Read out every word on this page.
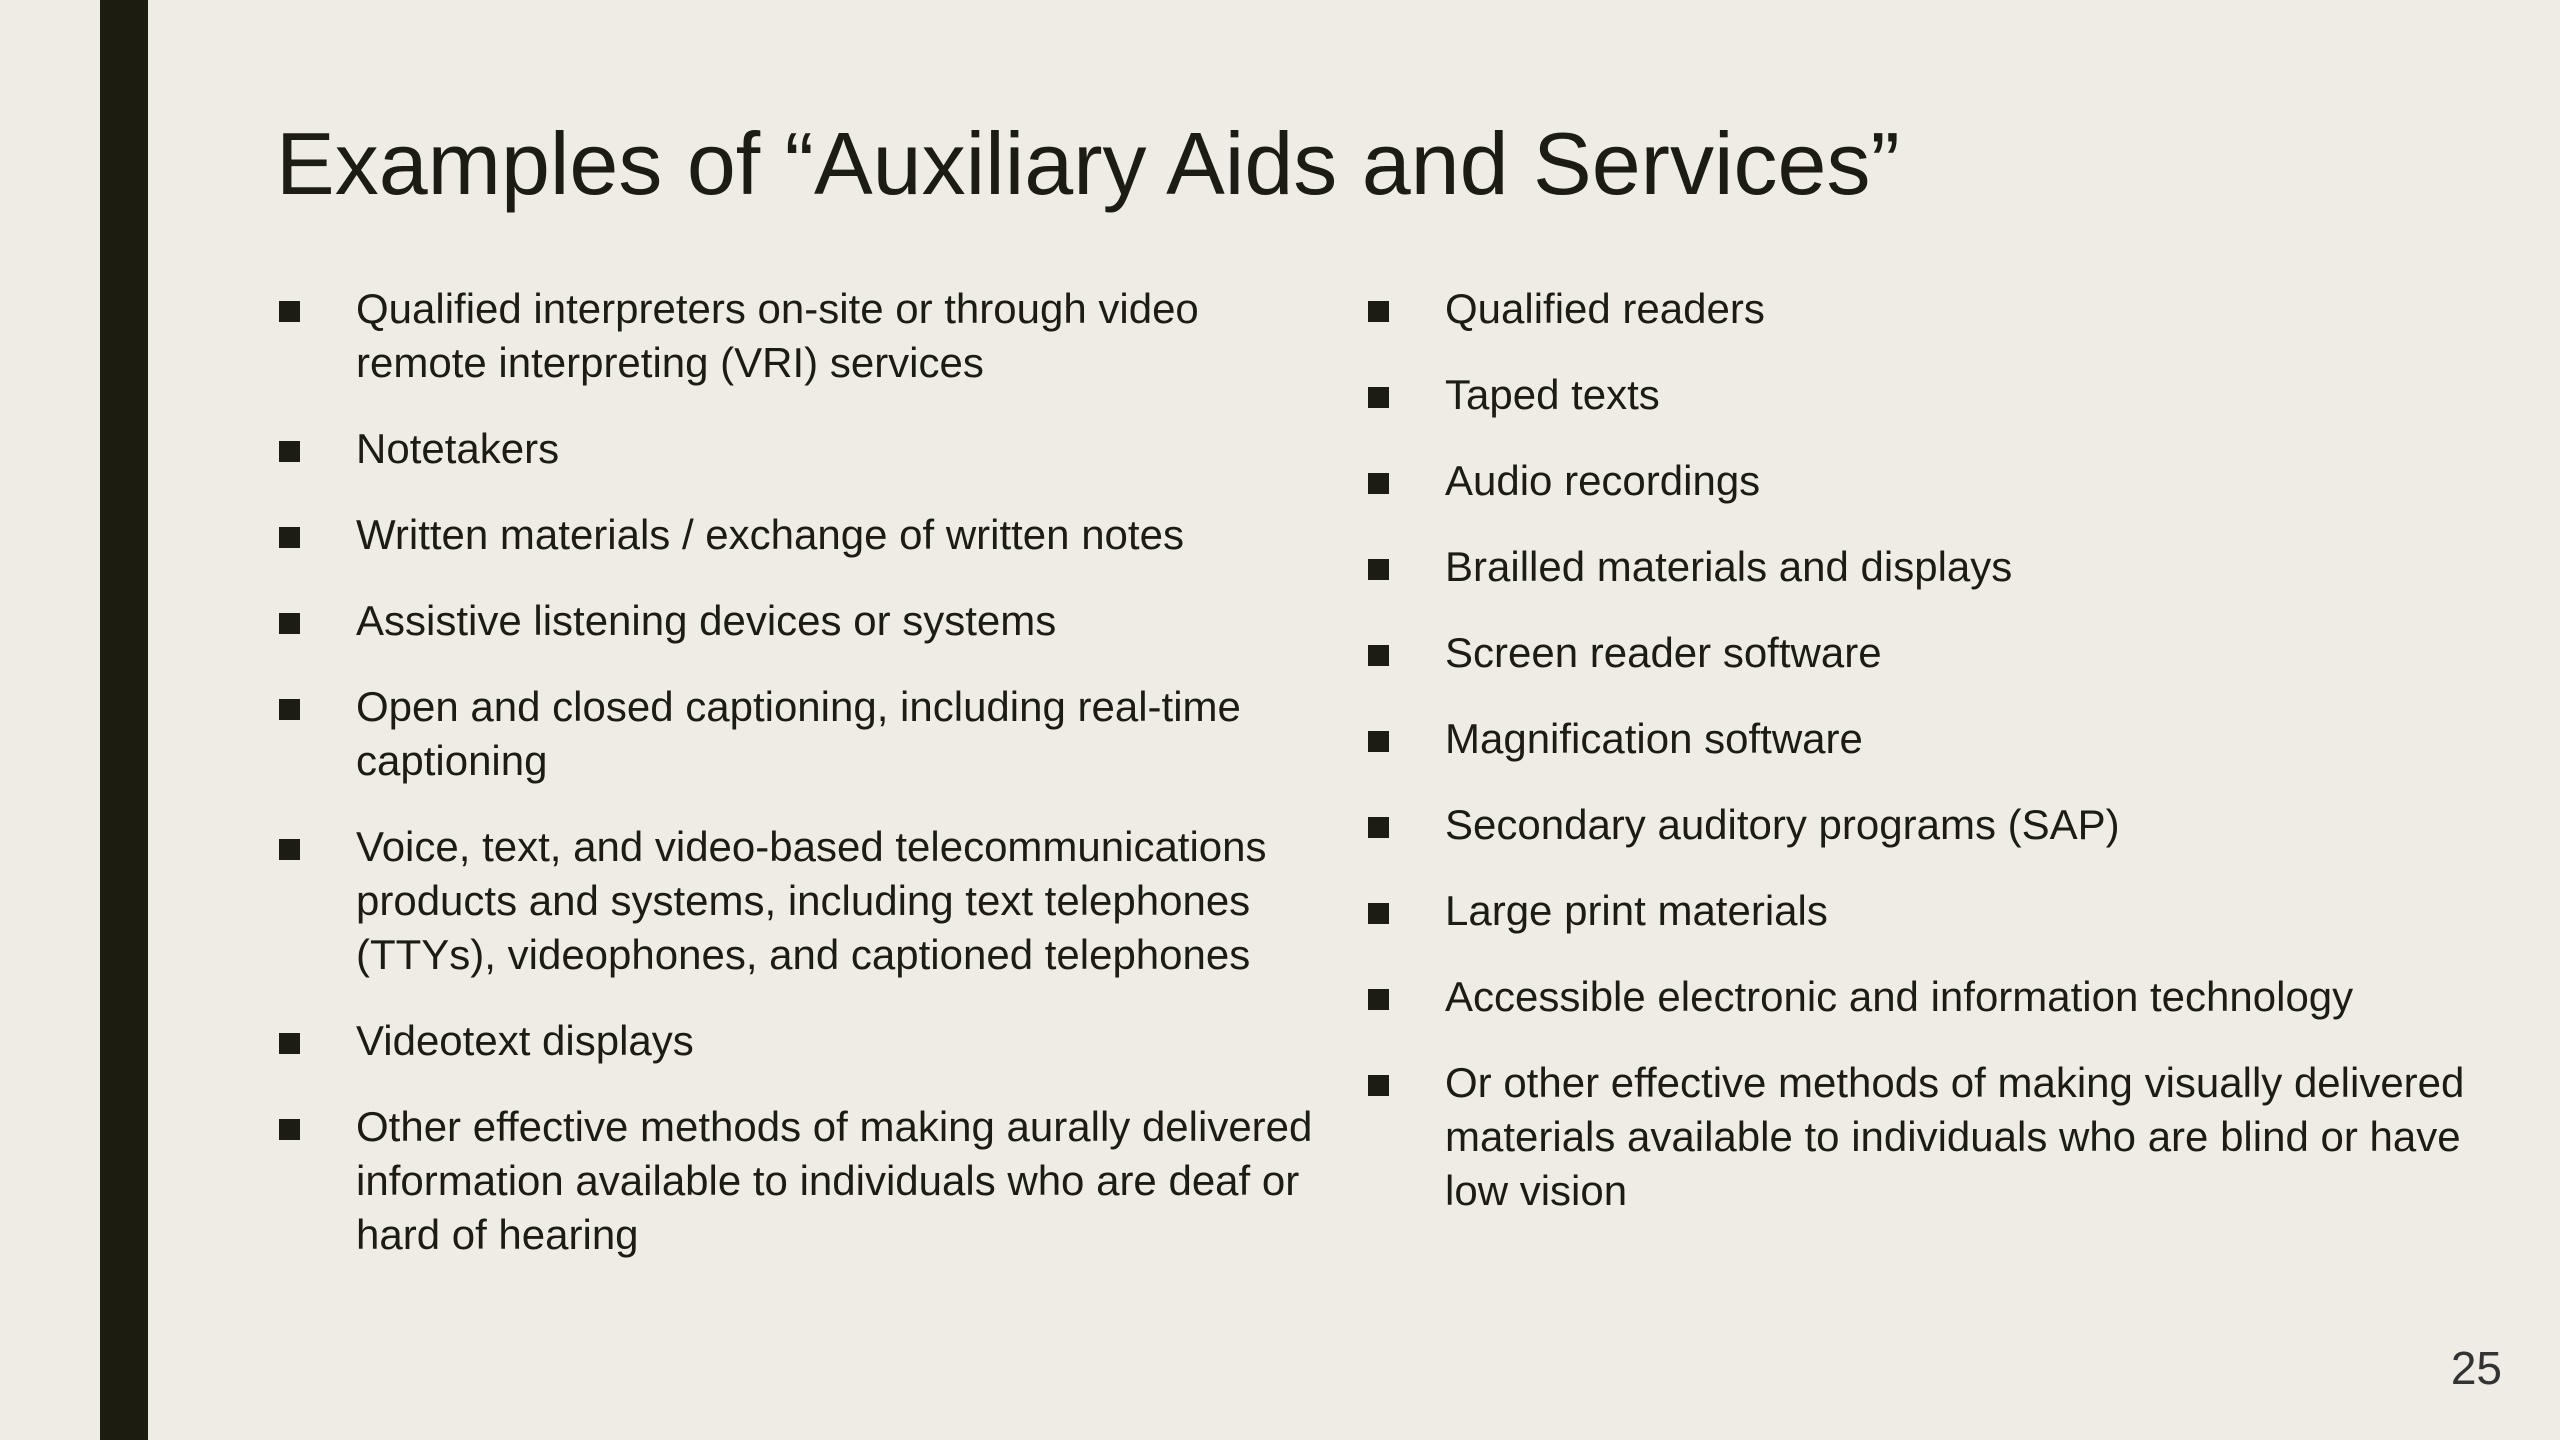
Examples of “Auxiliary Aids and Services”
Qualified interpreters on-site or through video remote interpreting (VRI) services
Notetakers
Written materials / exchange of written notes
Assistive listening devices or systems
Open and closed captioning, including real-time captioning
Voice, text, and video-based telecommunications products and systems, including text telephones (TTYs), videophones, and captioned telephones
Videotext displays
Other effective methods of making aurally delivered information available to individuals who are deaf or hard of hearing
Qualified readers
Taped texts
Audio recordings
Brailled materials and displays
Screen reader software
Magnification software
Secondary auditory programs (SAP)
Large print materials
Accessible electronic and information technology
Or other effective methods of making visually delivered materials available to individuals who are blind or have low vision
25
